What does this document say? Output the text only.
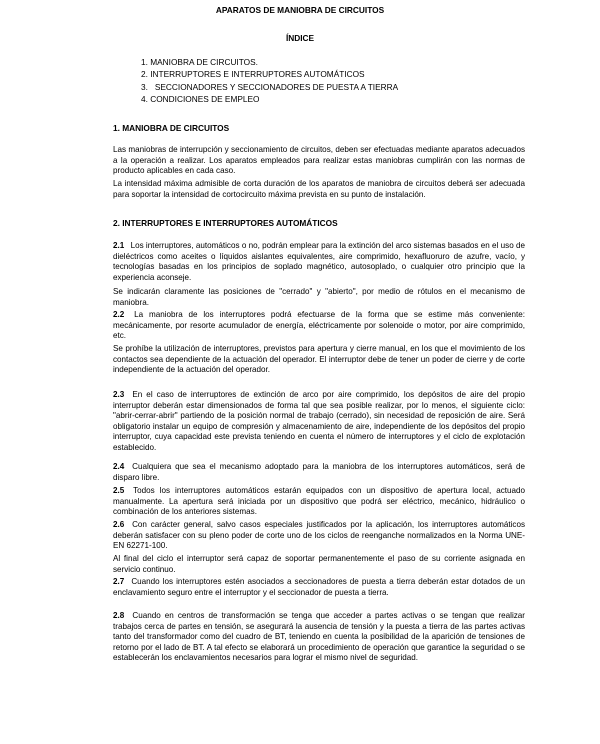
APARATOS DE MANIOBRA DE CIRCUITOS
ÍNDICE
1. MANIOBRA DE CIRCUITOS.
2. INTERRUPTORES E INTERRUPTORES AUTOMÁTICOS
3.   SECCIONADORES Y SECCIONADORES DE PUESTA A TIERRA
4. CONDICIONES DE EMPLEO
1. MANIOBRA DE CIRCUITOS

Las maniobras de interrupción y seccionamiento de circuitos, deben ser efectuadas mediante aparatos adecuados a la operación a realizar. Los aparatos empleados para realizar estas maniobras cumplirán con las normas de producto aplicables en cada caso.

La intensidad máxima admisible de corta duración de los aparatos de maniobra de circuitos deberá ser adecuada para soportar la intensidad de cortocircuito máxima prevista en su punto de instalación.

2. INTERRUPTORES E INTERRUPTORES AUTOMÁTICOS

2.1 Los interruptores, automáticos o no, podrán emplear para la extinción del arco sistemas basados en el uso de dieléctricos como aceites o líquidos aislantes equivalentes, aire comprimido, hexafluoruro de azufre, vacío, y tecnologías basadas en los principios de soplado magnético, autosoplado, o cualquier otro principio que la experiencia aconseje.

Se indicarán claramente las posiciones de "cerrado" y "abierto", por medio de rótulos en el mecanismo de maniobra.

2.2 La maniobra de los interruptores podrá efectuarse de la forma que se estime más conveniente: mecánicamente, por resorte acumulador de energía, eléctricamente por solenoide o motor, por aire comprimido, etc.

Se prohíbe la utilización de interruptores, previstos para apertura y cierre manual, en los que el movimiento de los contactos sea dependiente de la actuación del operador. El interruptor debe de tener un poder de cierre y de corte independiente de la actuación del operador.

2.3 En el caso de interruptores de extinción de arco por aire comprimido, los depósitos de aire del propio interruptor deberán estar dimensionados de forma tal que sea posible realizar, por lo menos, el siguiente ciclo: "abrir-cerrar-abrir" partiendo de la posición normal de trabajo (cerrado), sin necesidad de reposición de aire. Será obligatorio instalar un equipo de compresión y almacenamiento de aire, independiente de los depósitos del propio interruptor, cuya capacidad este prevista teniendo en cuenta el número de interruptores y el ciclo de explotación establecido.

2.4 Cualquiera que sea el mecanismo adoptado para la maniobra de los interruptores automáticos, será de disparo libre.

2.5 Todos los interruptores automáticos estarán equipados con un dispositivo de apertura local, actuado manualmente. La apertura será iniciada por un dispositivo que podrá ser eléctrico, mecánico, hidráulico o combinación de los anteriores sistemas.

2.6 Con carácter general, salvo casos especiales justificados por la aplicación, los interruptores automáticos deberán satisfacer con su pleno poder de corte uno de los ciclos de reenganche normalizados en la Norma UNE-EN 62271-100.

Al final del ciclo el interruptor será capaz de soportar permanentemente el paso de su corriente asignada en servicio continuo.

2.7 Cuando los interruptores estén asociados a seccionadores de puesta a tierra deberán estar dotados de un enclavamiento seguro entre el interruptor y el seccionador de puesta a tierra.

2.8 Cuando en centros de transformación se tenga que acceder a partes activas o se tengan que realizar trabajos cerca de partes en tensión, se asegurará la ausencia de tensión y la puesta a tierra de las partes activas tanto del transformador como del cuadro de BT, teniendo en cuenta la posibilidad de la aparición de tensiones de retorno por el lado de BT. A tal efecto se elaborará un procedimiento de operación que garantice la seguridad o se establecerán los enclavamientos necesarios para lograr el mismo nivel de seguridad.
